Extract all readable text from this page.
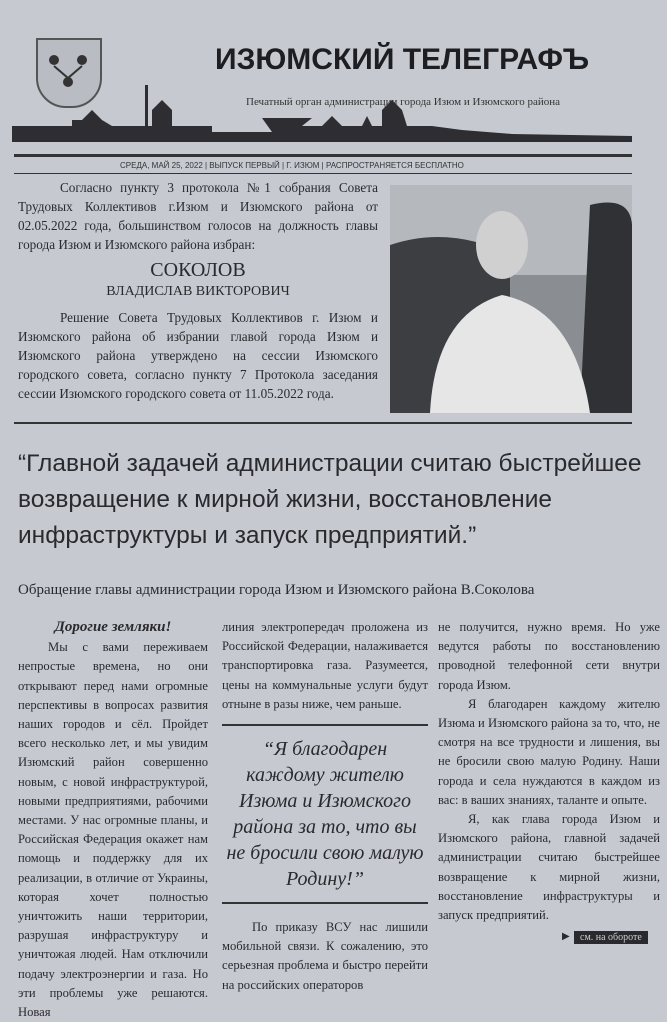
ИЗЮМСКИЙ ТЕЛЕГРАФЪ
Печатный орган администрации города Изюм и Изюмского района
СРЕДА, МАЙ 25, 2022 | ВЫПУСК ПЕРВЫЙ | Г. ИЗЮМ | РАСПРОСТРАНЯЕТСЯ БЕСПЛАТНО

Согласно пункту 3 протокола №1 собрания Совета Трудовых Коллективов г.Изюм и Изюмского района от 02.05.2022 года, большинством голосов на должность главы города Изюм и Изюмского района избран:

СОКОЛОВ
ВЛАДИСЛАВ ВИКТОРОВИЧ

Решение Совета Трудовых Коллективов г. Изюм и Изюмского района об избрании главой города Изюм и Изюмского района утверждено на сессии Изюмского городского совета, согласно пункту 7 Протокола заседания сессии Изюмского городского совета от 11.05.2022 года.

“Главной задачей администрации считаю быстрейшее возвращение к мирной жизни, восстановление инфраструктуры и запуск предприятий.”
Обращение главы администрации города Изюм и Изюмского района В.Соколова

Дорогие земляки!

Мы с вами переживаем непростые времена, но они открывают перед нами огромные перспективы в вопросах развития наших городов и сёл. Пройдет всего несколько лет, и мы увидим Изюмский район совершенно новым, с новой инфраструктурой, новыми предприятиями, рабочими местами. У нас огромные планы, и Российская Федерация окажет нам помощь и поддержку для их реализации, в отличие от Украины, которая хочет полностью уничтожить наши территории, разрушая инфраструктуру и уничтожая людей. Нам отключили подачу электроэнергии и газа. Но эти проблемы уже решаются. Новая

линия электропередач проложена из Российской Федерации, налаживается транспортировка газа. Разумеется, цены на коммунальные услуги будут отныне в разы ниже, чем раньше.

“Я благодарен каждому жителю Изюма и Изюмского района за то, что вы не бросили свою малую Родину!”

По приказу ВСУ нас лишили мобильной связи. К сожалению, это серьезная проблема и быстро перейти на российских операторов

не получится, нужно время. Но уже ведутся работы по восстановлению проводной телефонной сети внутри города Изюм.

Я благодарен каждому жителю Изюма и Изюмского района за то, что, не смотря на все трудности и лишения, вы не бросили свою малую Родину. Наши города и села нуждаются в каждом из вас: в ваших знаниях, таланте и опыте.

Я, как глава города Изюм и Изюмского района, главной задачей администрации считаю быстрейшее возвращение к мирной жизни, восстановление инфраструктуры и запуск предприятий.

▶	см. на обороте
